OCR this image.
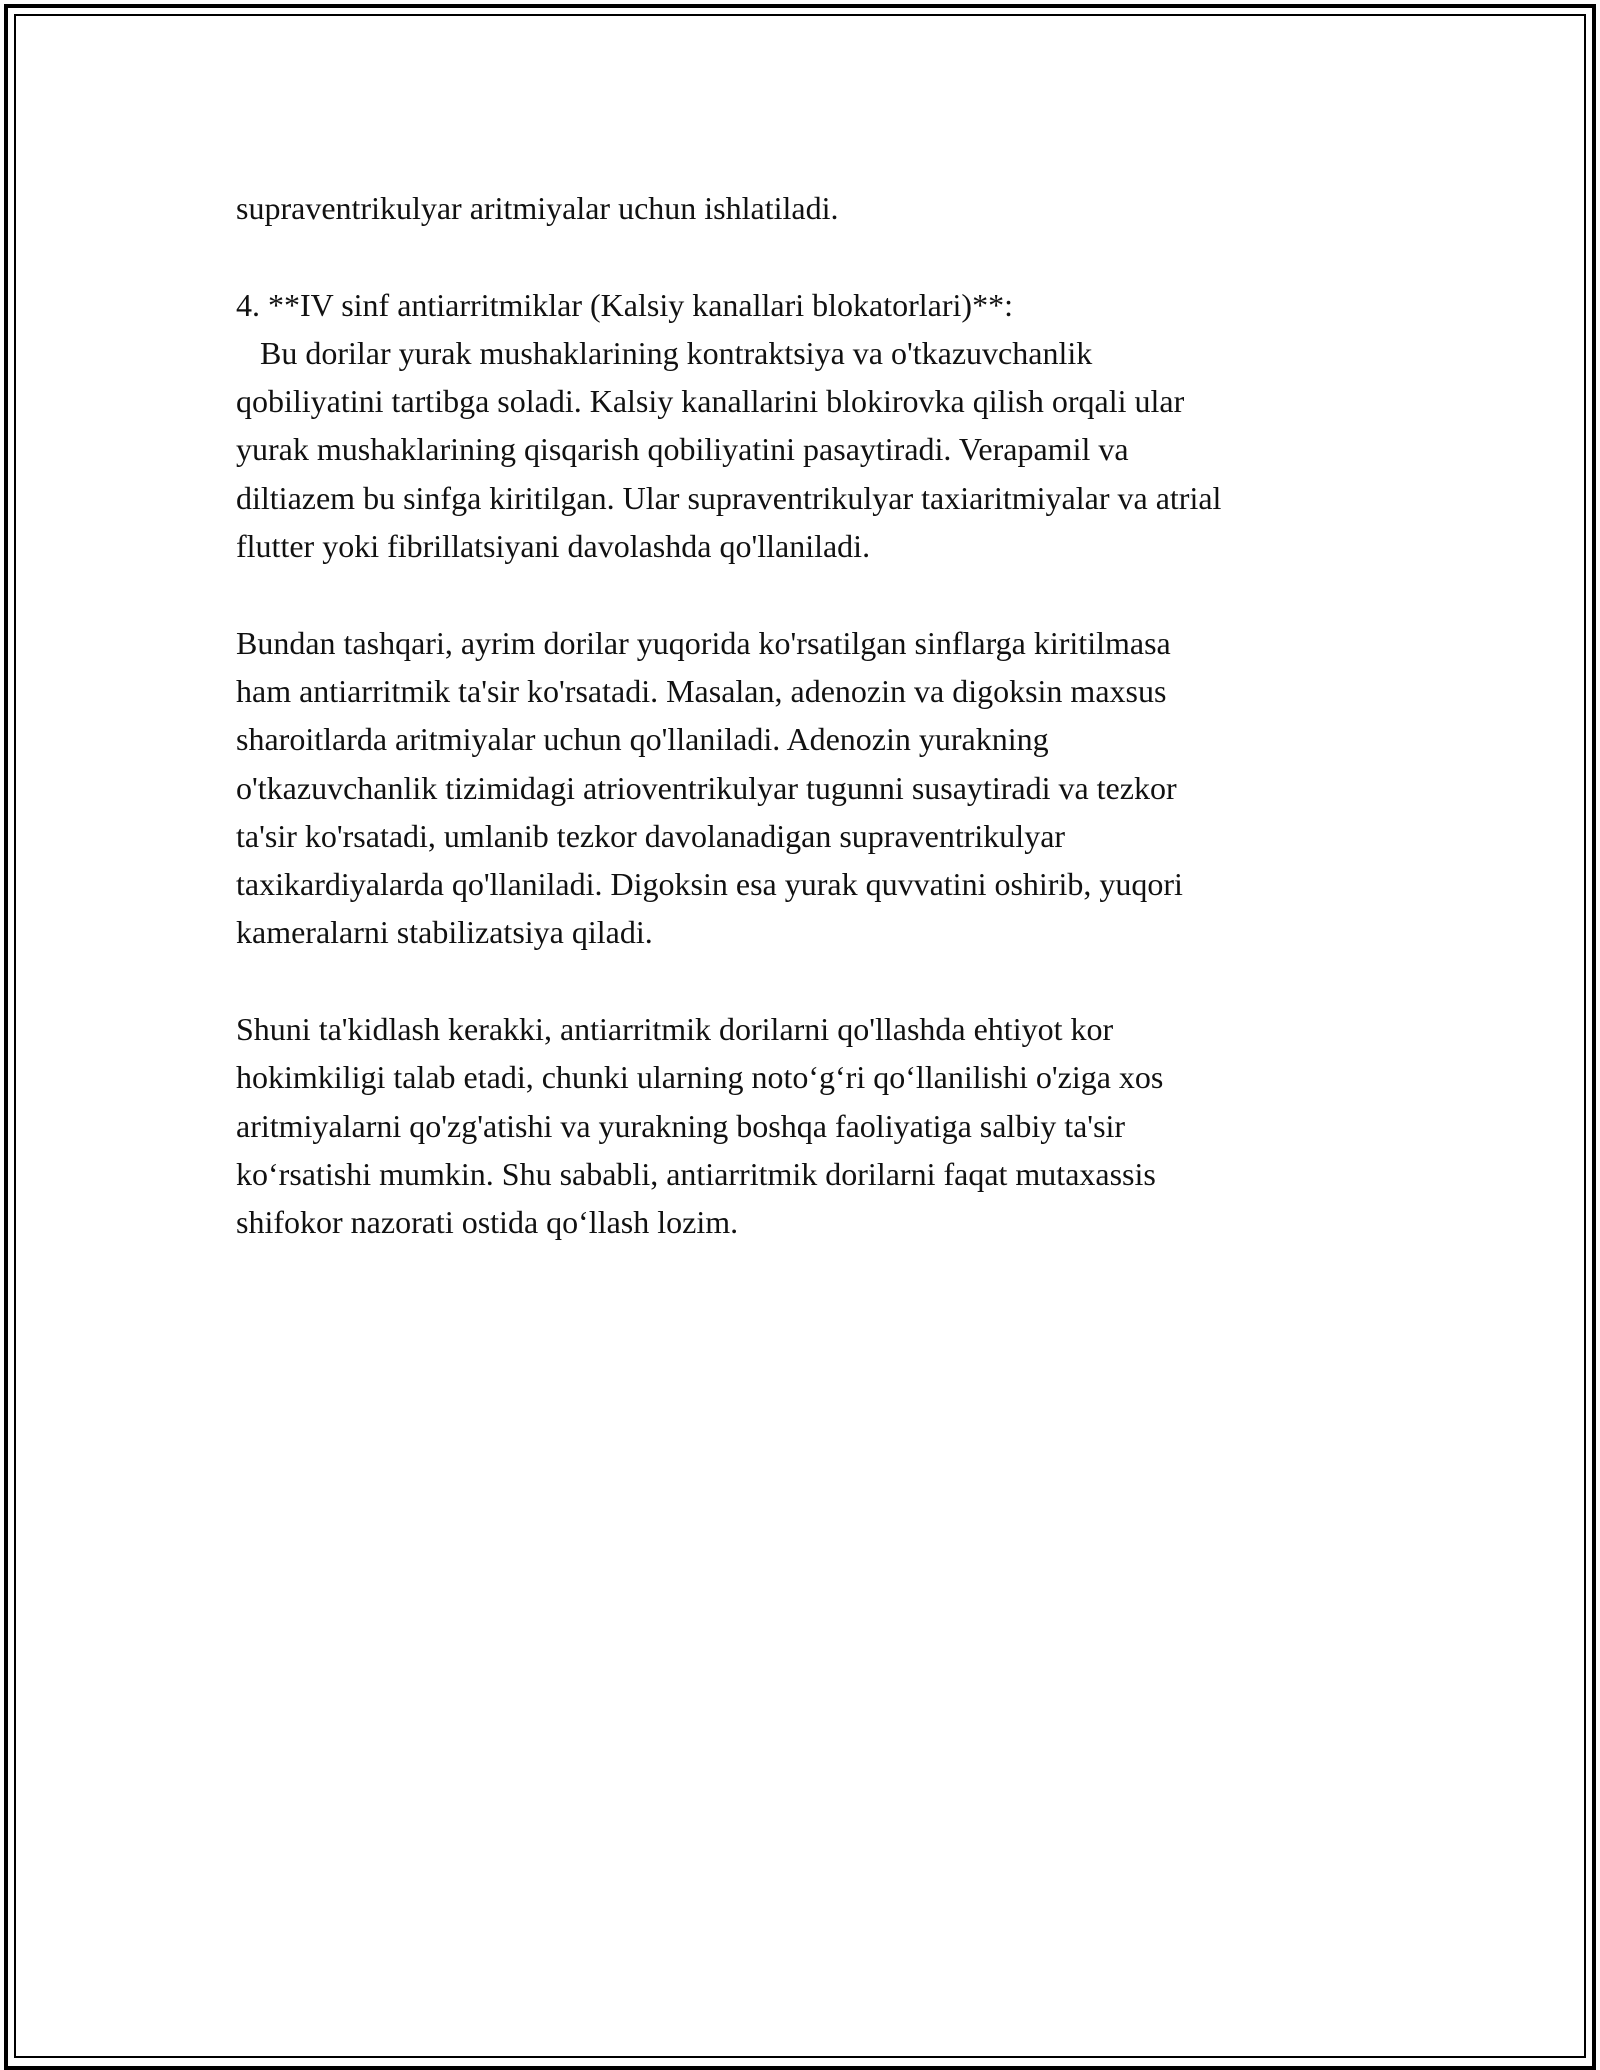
supraventrikulyar aritmiyalar uchun ishlatiladi.
4. **IV sinf antiarritmiklar (Kalsiy kanallari blokatorlari)**:
Bu dorilar yurak mushaklarining kontraktsiya va o'tkazuvchanlik
qobiliyatini tartibga soladi. Kalsiy kanallarini blokirovka qilish orqali ular
yurak mushaklarining qisqarish qobiliyatini pasaytiradi. Verapamil va
diltiazem bu sinfga kiritilgan. Ular supraventrikulyar taxiaritmiyalar va atrial
flutter yoki fibrillatsiyani davolashda qo'llaniladi.
Bundan tashqari, ayrim dorilar yuqorida ko'rsatilgan sinflarga kiritilmasa
ham antiarritmik ta'sir ko'rsatadi. Masalan, adenozin va digoksin maxsus
sharoitlarda aritmiyalar uchun qo'llaniladi. Adenozin yurakning
o'tkazuvchanlik tizimidagi atrioventrikulyar tugunni susaytiradi va tezkor
ta'sir ko'rsatadi, umlanib tezkor davolanadigan supraventrikulyar
taxikardiyalarda qo'llaniladi. Digoksin esa yurak quvvatini oshirib, yuqori
kameralarni stabilizatsiya qiladi.
Shuni ta'kidlash kerakki, antiarritmik dorilarni qo'llashda ehtiyot kor
hokimkiligi talab etadi, chunki ularning noto‘g‘ri qo‘llanilishi o'ziga xos
aritmiyalarni qo'zg'atishi va yurakning boshqa faoliyatiga salbiy ta'sir
ko‘rsatishi mumkin. Shu sababli, antiarritmik dorilarni faqat mutaxassis
shifokor nazorati ostida qo‘llash lozim.
